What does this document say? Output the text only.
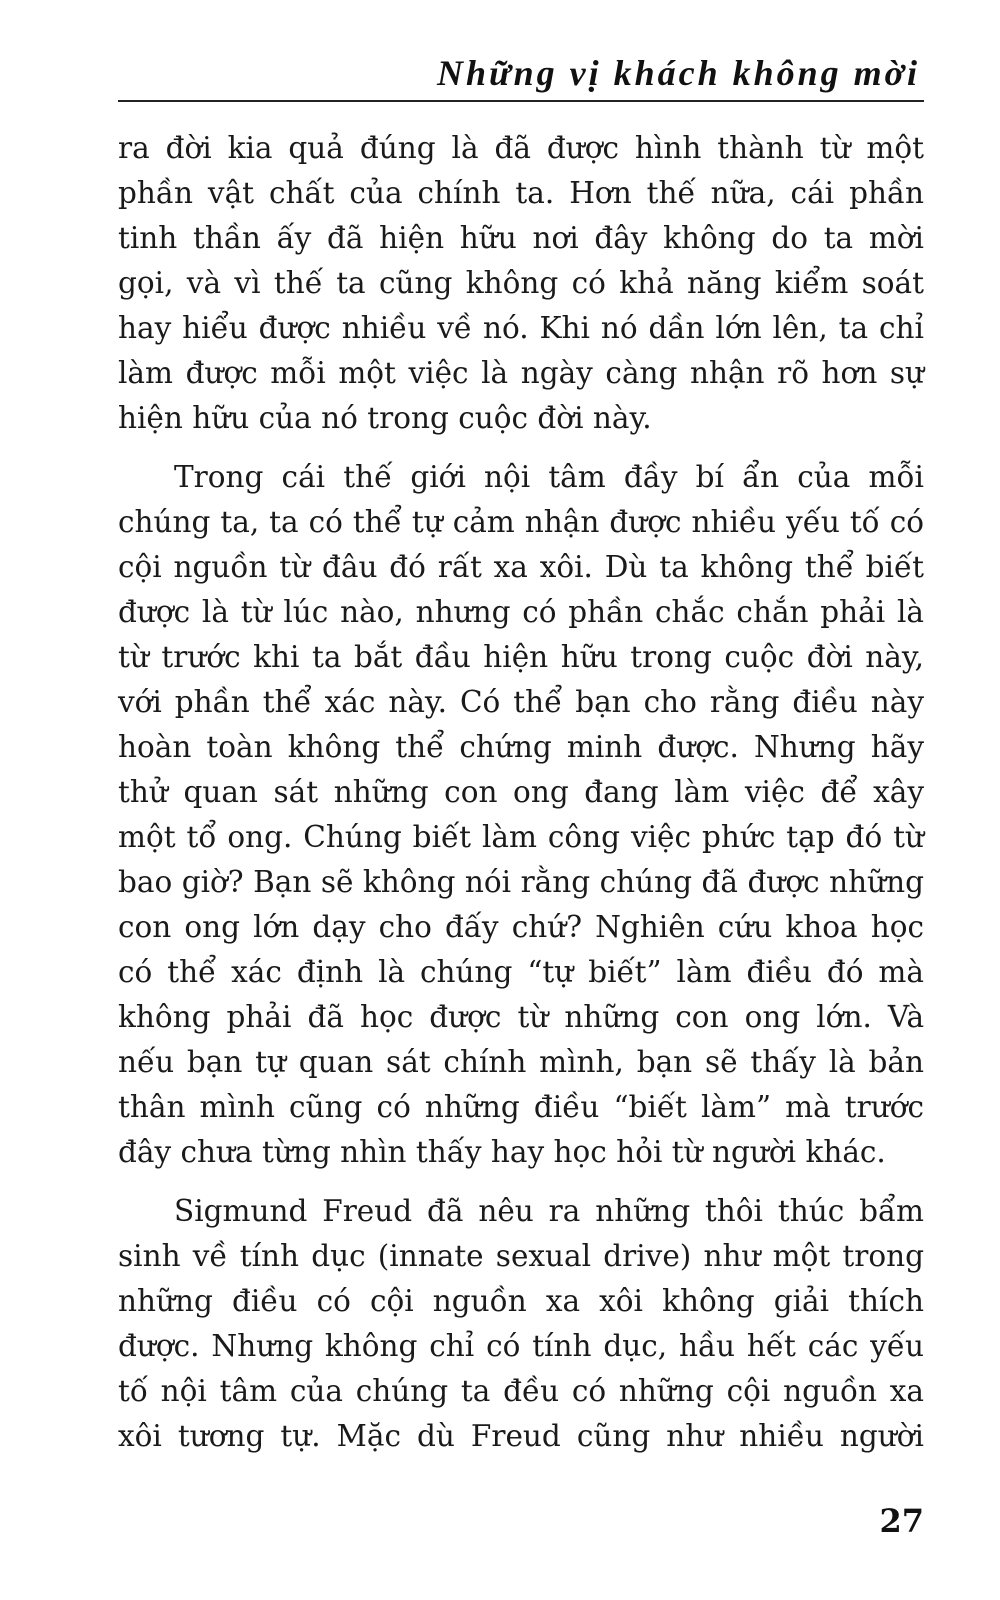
Những vị khách không mời

ra đời kia quả đúng là đã được hình thành từ một
phần vật chất của chính ta. Hơn thế nữa, cái phần
tinh thần ấy đã hiện hữu nơi đây không do ta mời
gọi, và vì thế ta cũng không có khả năng kiểm soát
hay hiểu được nhiều về nó. Khi nó dần lớn lên, ta chỉ
làm được mỗi một việc là ngày càng nhận rõ hơn sự
hiện hữu của nó trong cuộc đời này.

Trong cái thế giới nội tâm đầy bí ẩn của mỗi
chúng ta, ta có thể tự cảm nhận được nhiều yếu tố có
cội nguồn từ đâu đó rất xa xôi. Dù ta không thể biết
được là từ lúc nào, nhưng có phần chắc chắn phải là
từ trước khi ta bắt đầu hiện hữu trong cuộc đời này,
với phần thể xác này. Có thể bạn cho rằng điều này
hoàn toàn không thể chứng minh được. Nhưng hãy
thử quan sát những con ong đang làm việc để xây
một tổ ong. Chúng biết làm công việc phức tạp đó từ
bao giờ? Bạn sẽ không nói rằng chúng đã được những
con ong lớn dạy cho đấy chứ? Nghiên cứu khoa học
có thể xác định là chúng “tự biết” làm điều đó mà
không phải đã học được từ những con ong lớn. Và
nếu bạn tự quan sát chính mình, bạn sẽ thấy là bản
thân mình cũng có những điều “biết làm” mà trước
đây chưa từng nhìn thấy hay học hỏi từ người khác.

Sigmund Freud đã nêu ra những thôi thúc bẩm
sinh về tính dục (innate sexual drive) như một trong
những điều có cội nguồn xa xôi không giải thích
được. Nhưng không chỉ có tính dục, hầu hết các yếu
tố nội tâm của chúng ta đều có những cội nguồn xa
xôi tương tự. Mặc dù Freud cũng như nhiều người

27
